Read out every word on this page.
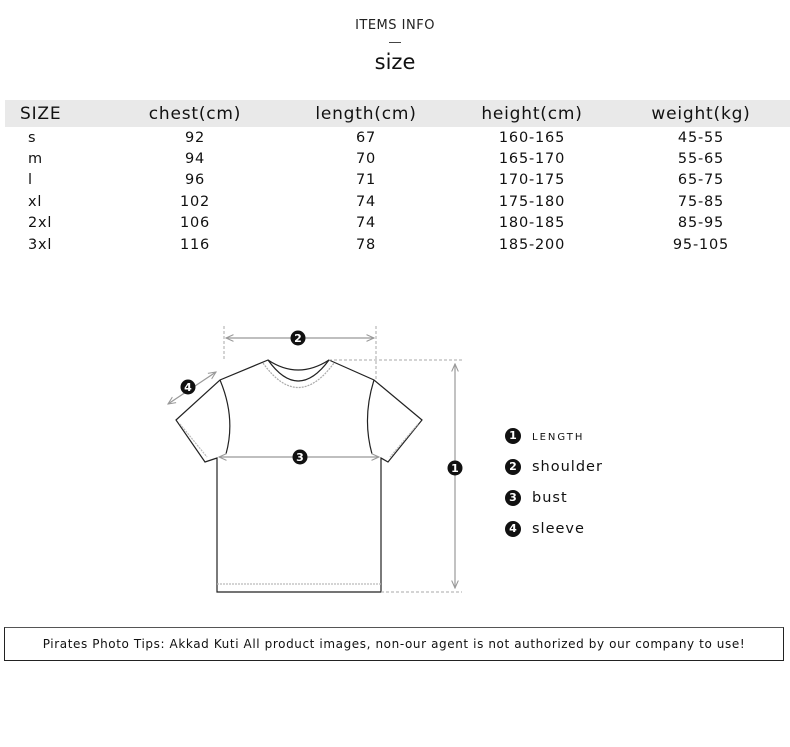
ITEMS INFO
size
SIZE	chest(cm)	length(cm)	height(cm)	weight(kg)
s	92	67	160-165	45-55
m	94	70	165-170	55-65
l	96	71	170-175	65-75
xl	102	74	175-180	75-85
2xl	106	74	180-185	85-95
3xl	116	78	185-200	95-105
2
3
1
4
1 length
2 shoulder
3 bust
4 sleeve
Pirates Photo Tips: Akkad Kuti All product images, non-our agent is not authorized by our company to use!
